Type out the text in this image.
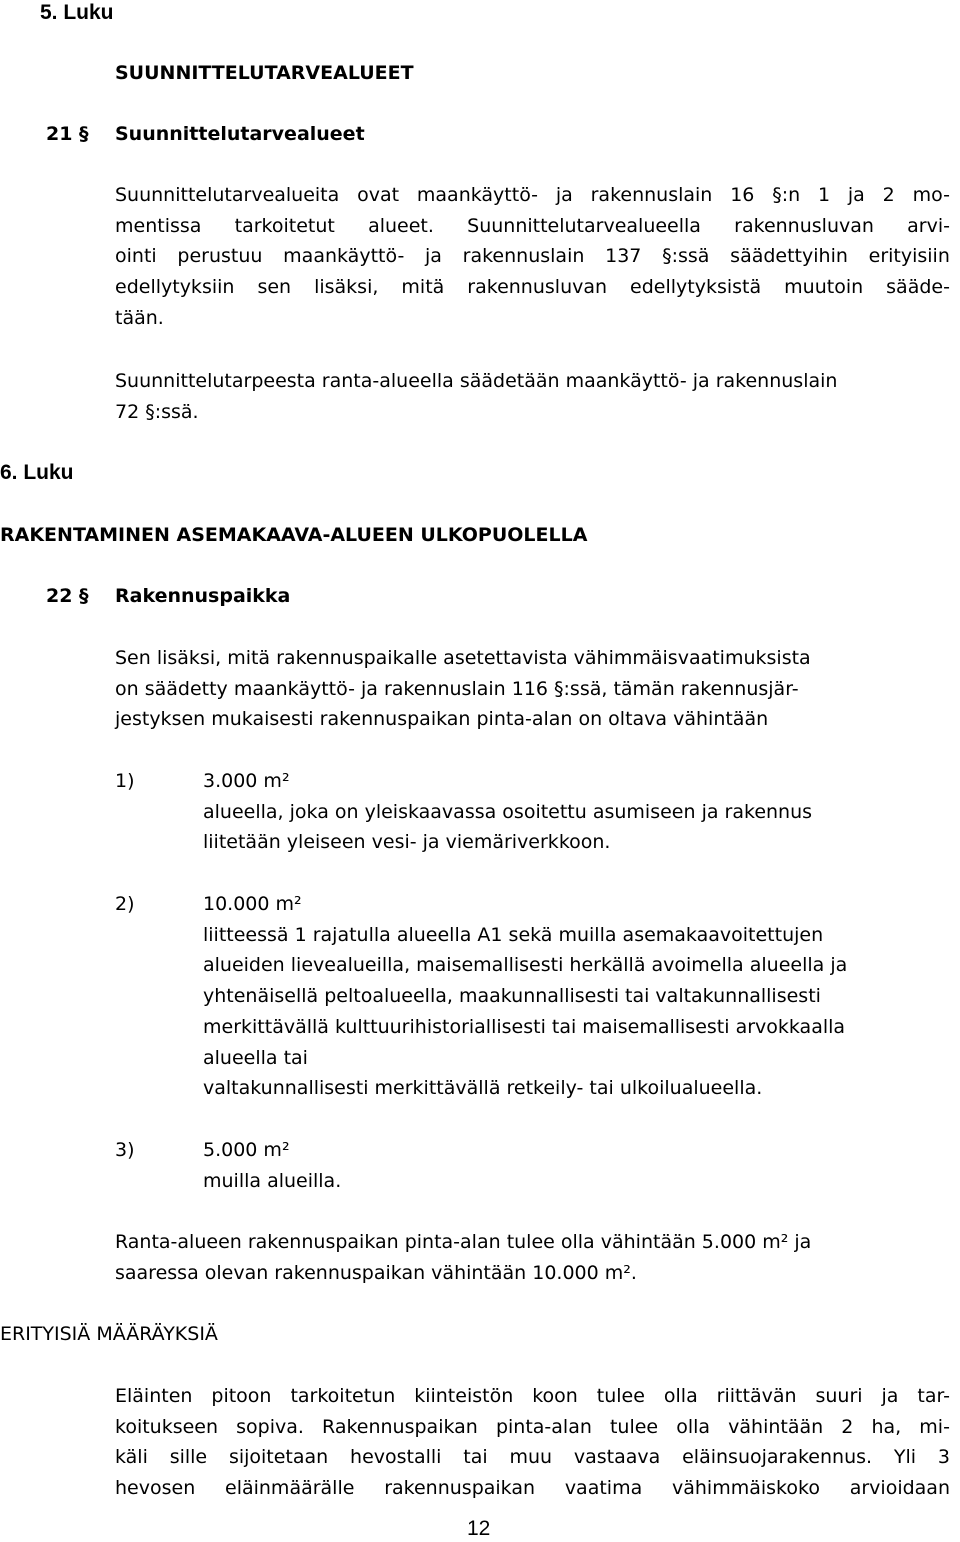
5. Luku
SUUNNITTELUTARVEALUEET
21 § Suunnittelutarvealueet
Suunnittelutarvealueita ovat maankäyttö- ja rakennuslain 16 §:n 1 ja 2 mo-
mentissa tarkoitetut alueet. Suunnittelutarvealueella rakennusluvan arvi-
ointi perustuu maankäyttö- ja rakennuslain 137 §:ssä säädettyihin erityisiin
edellytyksiin sen lisäksi, mitä rakennusluvan edellytyksistä muutoin sääde-
tään.
Suunnittelutarpeesta ranta-alueella säädetään maankäyttö- ja rakennuslain
72 §:ssä.
6. Luku
RAKENTAMINEN ASEMAKAAVA-ALUEEN ULKOPUOLELLA
22 § Rakennuspaikka
Sen lisäksi, mitä rakennuspaikalle asetettavista vähimmäisvaatimuksista
on säädetty maankäyttö- ja rakennuslain 116 §:ssä, tämän rakennusjär-
jestyksen mukaisesti rakennuspaikan pinta-alan on oltava vähintään
1)	3.000 m²
alueella, joka on yleiskaavassa osoitettu asumiseen ja rakennus
liitetään yleiseen vesi- ja viemäriverkkoon.
2)	10.000 m²
liitteessä 1 rajatulla alueella A1 sekä muilla asemakaavoitettujen
alueiden lievealueilla, maisemallisesti herkällä avoimella alueella ja
yhtenäisellä peltoalueella, maakunnallisesti tai valtakunnallisesti
merkittävällä kulttuurihistoriallisesti tai maisemallisesti arvokkaalla
alueella tai
valtakunnallisesti merkittävällä retkeily- tai ulkoilualueella.
3)	5.000 m²
muilla alueilla.
Ranta-alueen rakennuspaikan pinta-alan tulee olla vähintään 5.000 m² ja
saaressa olevan rakennuspaikan vähintään 10.000 m².
ERITYISIÄ MÄÄRÄYKSIÄ
Eläinten pitoon tarkoitetun kiinteistön koon tulee olla riittävän suuri ja tar-
koitukseen sopiva. Rakennuspaikan pinta-alan tulee olla vähintään 2 ha, mi-
käli sille sijoitetaan hevostalli tai muu vastaava eläinsuojarakennus. Yli 3
hevosen eläinmäärälle rakennuspaikan vaatima vähimmäiskoko arvioidaan
12
